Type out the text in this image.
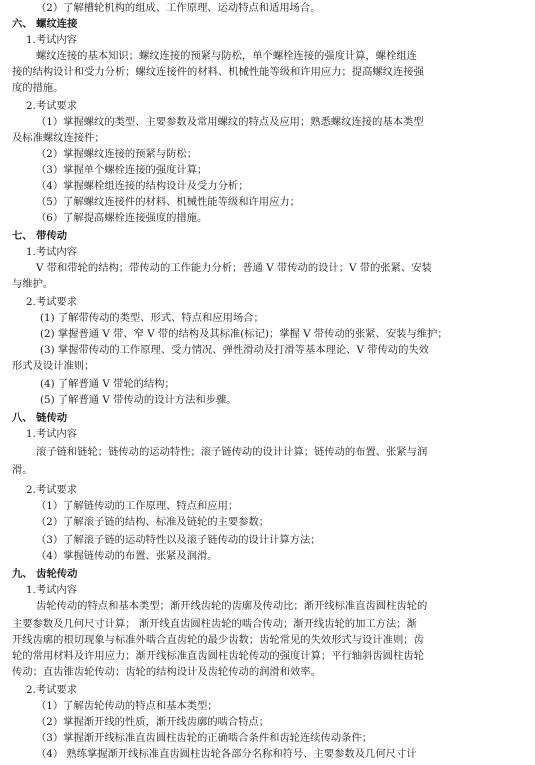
（2）了解槽轮机构的组成、工作原理、运动特点和适用场合。
六、 螺纹连接
1.考试内容
螺纹连接的基本知识；螺纹连接的预紧与防松，单个螺栓连接的强度计算，螺栓组连
接的结构设计和受力分析；螺纹连接件的材料、机械性能等级和许用应力；提高螺纹连接强
度的措施。
2.考试要求
（1）掌握螺纹的类型、主要参数及常用螺纹的特点及应用；熟悉螺纹连接的基本类型
及标准螺纹连接件；
（2）掌握螺纹连接的预紧与防松；
（3）掌握单个螺栓连接的强度计算；
（4）掌握螺栓组连接的结构设计及受力分析；
（5）了解螺纹连接件的材料、机械性能等级和许用应力；
（6）了解提高螺栓连接强度的措施。
七、 带传动
1.考试内容
V 带和带轮的结构；带传动的工作能力分析；普通 V 带传动的设计；V 带的张紧、安装
与维护。
2.考试要求
(1) 了解带传动的类型、形式、特点和应用场合；
(2) 掌握普通 V 带、窄 V 带的结构及其标准(标记)；掌握 V 带传动的张紧、安装与维护；
(3) 掌握带传动的工作原理、受力情况、弹性滑动及打滑等基本理论、V 带传动的失效
形式及设计准则；
(4) 了解普通 V 带轮的结构；
(5) 了解普通 V 带传动的设计方法和步骤。
八、 链传动
1.考试内容
滚子链和链轮；链传动的运动特性；滚子链传动的设计计算；链传动的布置、张紧与润
滑。
2.考试要求
（1）了解链传动的工作原理、特点和应用；
（2）了解滚子链的结构、标准及链轮的主要参数；
（3）了解滚子链的运动特性以及滚子链传动的设计计算方法；
（4）掌握链传动的布置、张紧及润滑。
九、 齿轮传动
1.考试内容
齿轮传动的特点和基本类型；渐开线齿轮的齿廓及传动比；渐开线标准直齿圆柱齿轮的
主要参数及几何尺寸计算； 渐开线直齿圆柱齿轮的啮合传动；渐开线齿轮的加工方法；渐
开线齿廓的根切现象与标准外啮合直齿轮的最少齿数；齿轮常见的失效形式与设计准则；齿
轮的常用材料及许用应力；渐开线标准直齿圆柱齿轮传动的强度计算；平行轴斜齿圆柱齿轮
传动；直齿锥齿轮传动；齿轮的结构设计及齿轮传动的润滑和效率。
2.考试要求
（1）了解齿轮传动的特点和基本类型；
（2）掌握渐开线的性质，渐开线齿廓的啮合特点；
（3）掌握渐开线标准直齿圆柱齿轮的正确啮合条件和齿轮连续传动条件；
（4） 熟练掌握渐开线标准直齿圆柱齿轮各部分名称和符号、主要参数及几何尺寸计
